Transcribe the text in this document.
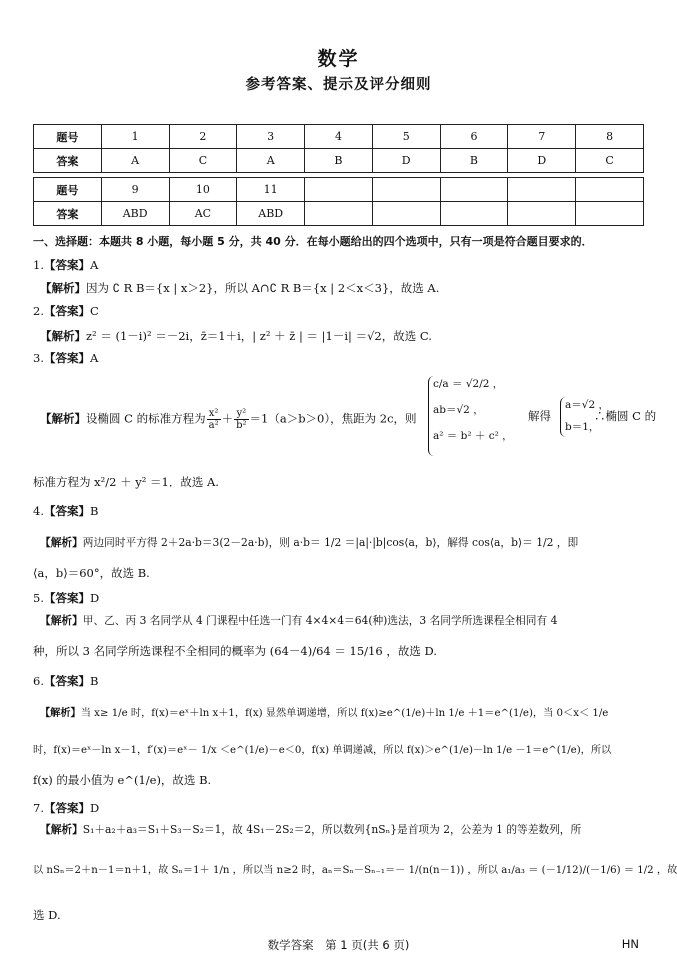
数学
参考答案、提示及评分细则
题号	1	2	3	4	5	6	7	8
答案	A	C	A	B	D	B	D	C
题号	9	10	11					
答案	ABD	AC	ABD					
一、选择题：本题共 8 小题，每小题 5 分，共 40 分．在每小题给出的四个选项中，只有一项是符合题目要求的．
1.【答案】A
【解析】因为 ∁ R B＝{x | x＞2}，所以 A∩∁ R B＝{x | 2＜x＜3}，故选 A.
2.【答案】C
【解析】z² ＝ (1－i)² ＝－2i，z̄＝1＋i，| z² ＋ z̄ | ＝ |1－i| ＝√2，故选 C.
3.【答案】A
【解析】设椭圆 C 的标准方程为 $\frac{\text{x²}}{\text{a²}} + \frac{\text{y²}}{\text{b²}} =1(a>b>0)$，焦距为 2c，则
c/a ＝ √2/2 ，
ab＝√2 ，
a² ＝ b² ＋ c² ，
解得
a＝√2 ，
b＝1，
∴椭圆 C 的
标准方程为 x²/2 ＋ y² ＝1．故选 A.
4.【答案】B
【解析】两边同时平方得 2＋2a·b＝3(2－2a·b)，则 a·b＝ 1/2 ＝|a|·|b|cos⟨a，b⟩，解得 cos⟨a，b⟩＝ 1/2 ，即
⟨a，b⟩＝60°，故选 B.
5.【答案】D
【解析】甲、乙、丙 3 名同学从 4 门课程中任选一门有 4×4×4＝64(种)选法，3 名同学所选课程全相同有 4
种，所以 3 名同学所选课程不全相同的概率为 (64－4)/64 ＝ 15/16 ，故选 D.
6.【答案】B
【解析】当 x≥ 1/e 时，f(x)＝eˣ＋ln x＋1，f(x) 显然单调递增，所以 f(x)≥e^(1/e)＋ln 1/e ＋1＝e^(1/e)，当 0＜x＜ 1/e
时，f(x)＝eˣ－ln x－1，f′(x)＝eˣ－ 1/x ＜e^(1/e)－e＜0，f(x) 单调递减，所以 f(x)＞e^(1/e)－ln 1/e －1＝e^(1/e)，所以
f(x) 的最小值为 e^(1/e)，故选 B.
7.【答案】D
【解析】S₁＋a₂＋a₃＝S₁＋S₃－S₂＝1，故 4S₁－2S₂＝2，所以数列{nSₙ}是首项为 2，公差为 1 的等差数列，所
以 nSₙ＝2＋n－1＝n＋1，故 Sₙ＝1＋ 1/n ，所以当 n≥2 时，aₙ＝Sₙ－Sₙ₋₁＝－ 1/(n(n－1)) ，所以 a₁/a₃ ＝ (－1/12)/(－1/6) ＝ 1/2 ，故
选 D.
数学答案　第 1 页(共 6 页)	HN
